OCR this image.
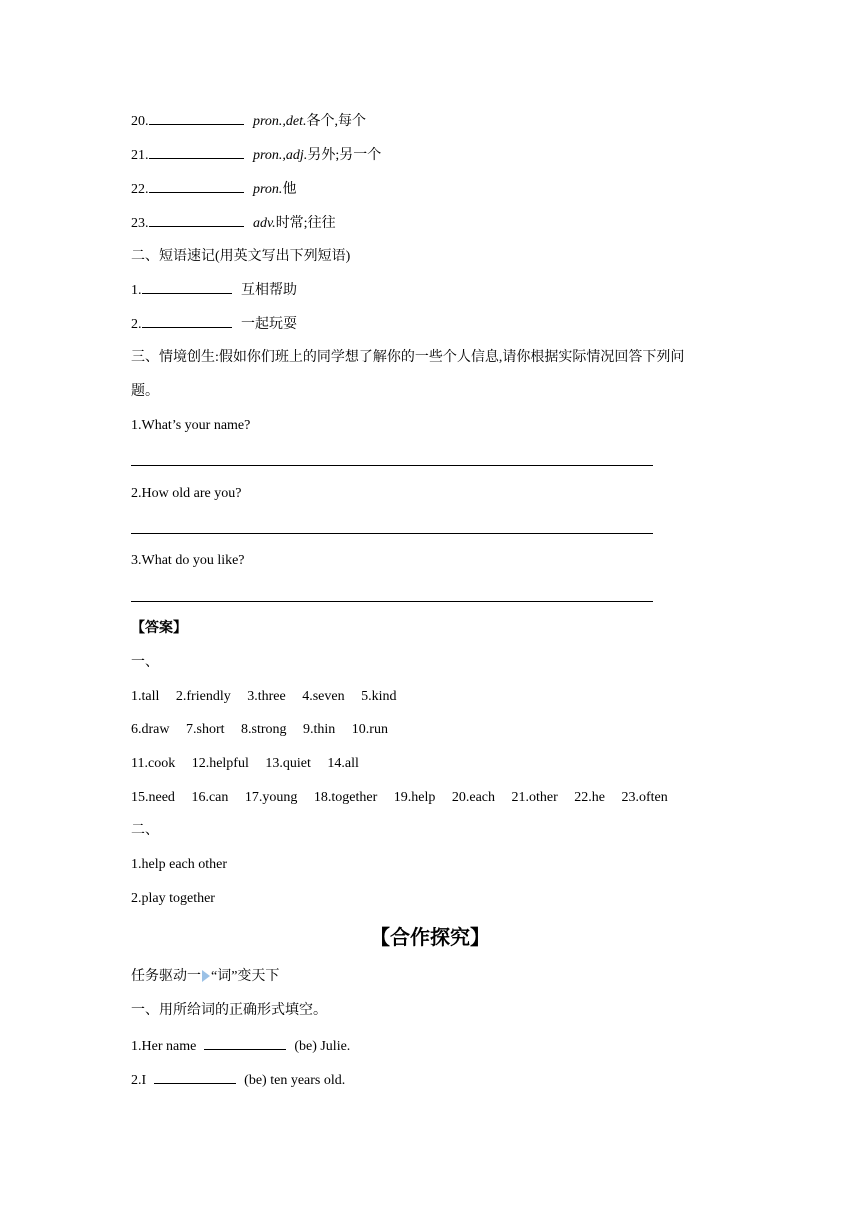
20.	pron.,det.各个,每个
21.	pron.,adj.另外;另一个
22.	pron.他
23.	adv.时常;往往
二、短语速记(用英文写出下列短语)
1.	互相帮助
2.	一起玩耍
三、情境创生:假如你们班上的同学想了解你的一些个人信息,请你根据实际情况回答下列问
题。
1.What’s your name?
2.How old are you?
3.What do you like?
【答案】
一、
1.tall 2.friendly 3.three 4.seven 5.kind
6.draw 7.short 8.strong 9.thin 10.run
11.cook 12.helpful 13.quiet 14.all
15.need 16.can 17.young 18.together 19.help 20.each 21.other 22.he 23.often
二、
1.help each other
2.play together
【合作探究】
任务驱动一 “词”变天下
一、用所给词的正确形式填空。
1.Her name	(be) Julie.
2.I	(be) ten years old.
